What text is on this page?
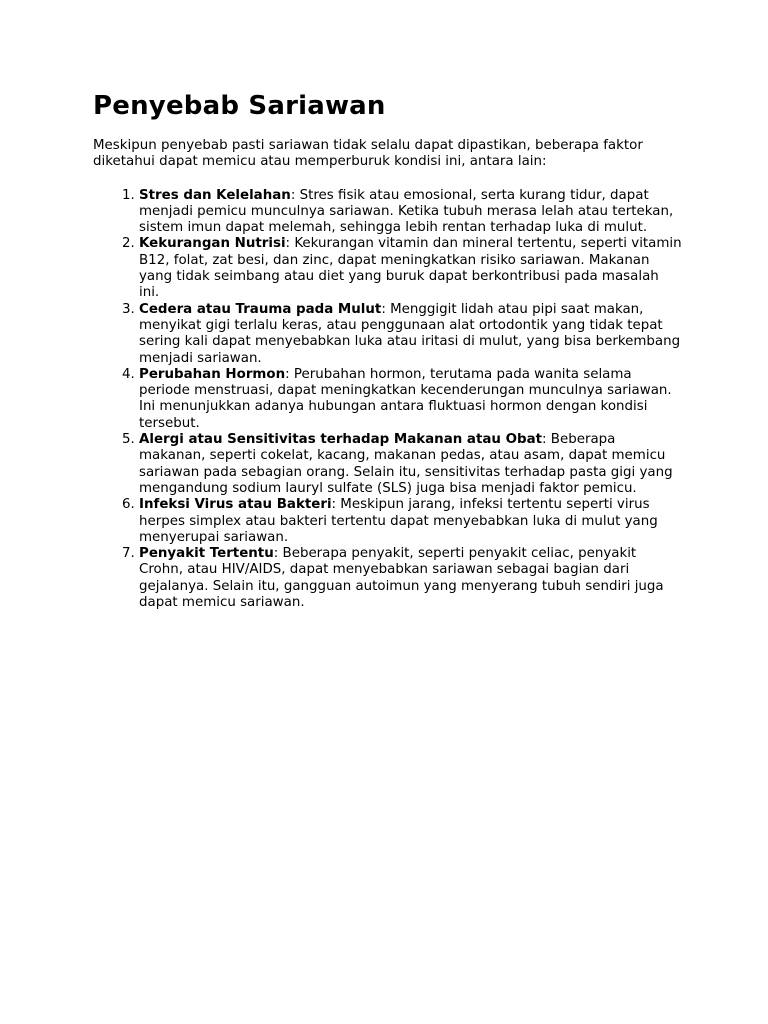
Penyebab Sariawan

Meskipun penyebab pasti sariawan tidak selalu dapat dipastikan, beberapa faktor diketahui dapat memicu atau memperburuk kondisi ini, antara lain:

1. Stres dan Kelelahan: Stres fisik atau emosional, serta kurang tidur, dapat menjadi pemicu munculnya sariawan. Ketika tubuh merasa lelah atau tertekan, sistem imun dapat melemah, sehingga lebih rentan terhadap luka di mulut.
2. Kekurangan Nutrisi: Kekurangan vitamin dan mineral tertentu, seperti vitamin B12, folat, zat besi, dan zinc, dapat meningkatkan risiko sariawan. Makanan yang tidak seimbang atau diet yang buruk dapat berkontribusi pada masalah ini.
3. Cedera atau Trauma pada Mulut: Menggigit lidah atau pipi saat makan, menyikat gigi terlalu keras, atau penggunaan alat ortodontik yang tidak tepat sering kali dapat menyebabkan luka atau iritasi di mulut, yang bisa berkembang menjadi sariawan.
4. Perubahan Hormon: Perubahan hormon, terutama pada wanita selama periode menstruasi, dapat meningkatkan kecenderungan munculnya sariawan. Ini menunjukkan adanya hubungan antara fluktuasi hormon dengan kondisi tersebut.
5. Alergi atau Sensitivitas terhadap Makanan atau Obat: Beberapa makanan, seperti cokelat, kacang, makanan pedas, atau asam, dapat memicu sariawan pada sebagian orang. Selain itu, sensitivitas terhadap pasta gigi yang mengandung sodium lauryl sulfate (SLS) juga bisa menjadi faktor pemicu.
6. Infeksi Virus atau Bakteri: Meskipun jarang, infeksi tertentu seperti virus herpes simplex atau bakteri tertentu dapat menyebabkan luka di mulut yang menyerupai sariawan.
7. Penyakit Tertentu: Beberapa penyakit, seperti penyakit celiac, penyakit Crohn, atau HIV/AIDS, dapat menyebabkan sariawan sebagai bagian dari gejalanya. Selain itu, gangguan autoimun yang menyerang tubuh sendiri juga dapat memicu sariawan.
